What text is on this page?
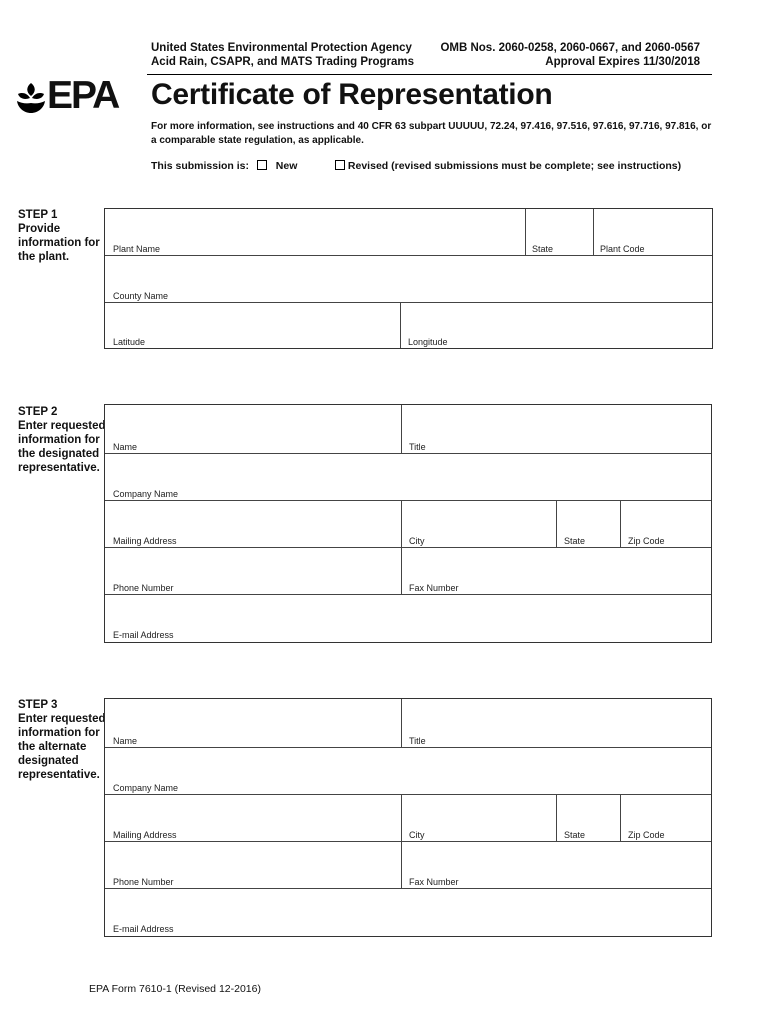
United States Environmental Protection Agency
Acid Rain, CSAPR, and MATS Trading Programs
OMB Nos. 2060-0258, 2060-0667, and 2060-0567
Approval Expires 11/30/2018
EPA Certificate of Representation
For more information, see instructions and 40 CFR 63 subpart UUUUU, 72.24, 97.416, 97.516, 97.616, 97.716, 97.816, or a comparable state regulation, as applicable.
This submission is:	New	Revised (revised submissions must be complete; see instructions)
STEP 1
Provide information for the plant.
Plant Name	State	Plant Code
County Name
Latitude	Longitude
STEP 2
Enter requested information for the designated representative.
Name	Title
Company Name
Mailing Address	City	State	Zip Code
Phone Number	Fax Number
E-mail Address
STEP 3
Enter requested information for the alternate designated representative.
Name	Title
Company Name
Mailing Address	City	State	Zip Code
Phone Number	Fax Number
E-mail Address
EPA Form 7610-1 (Revised 12-2016)
